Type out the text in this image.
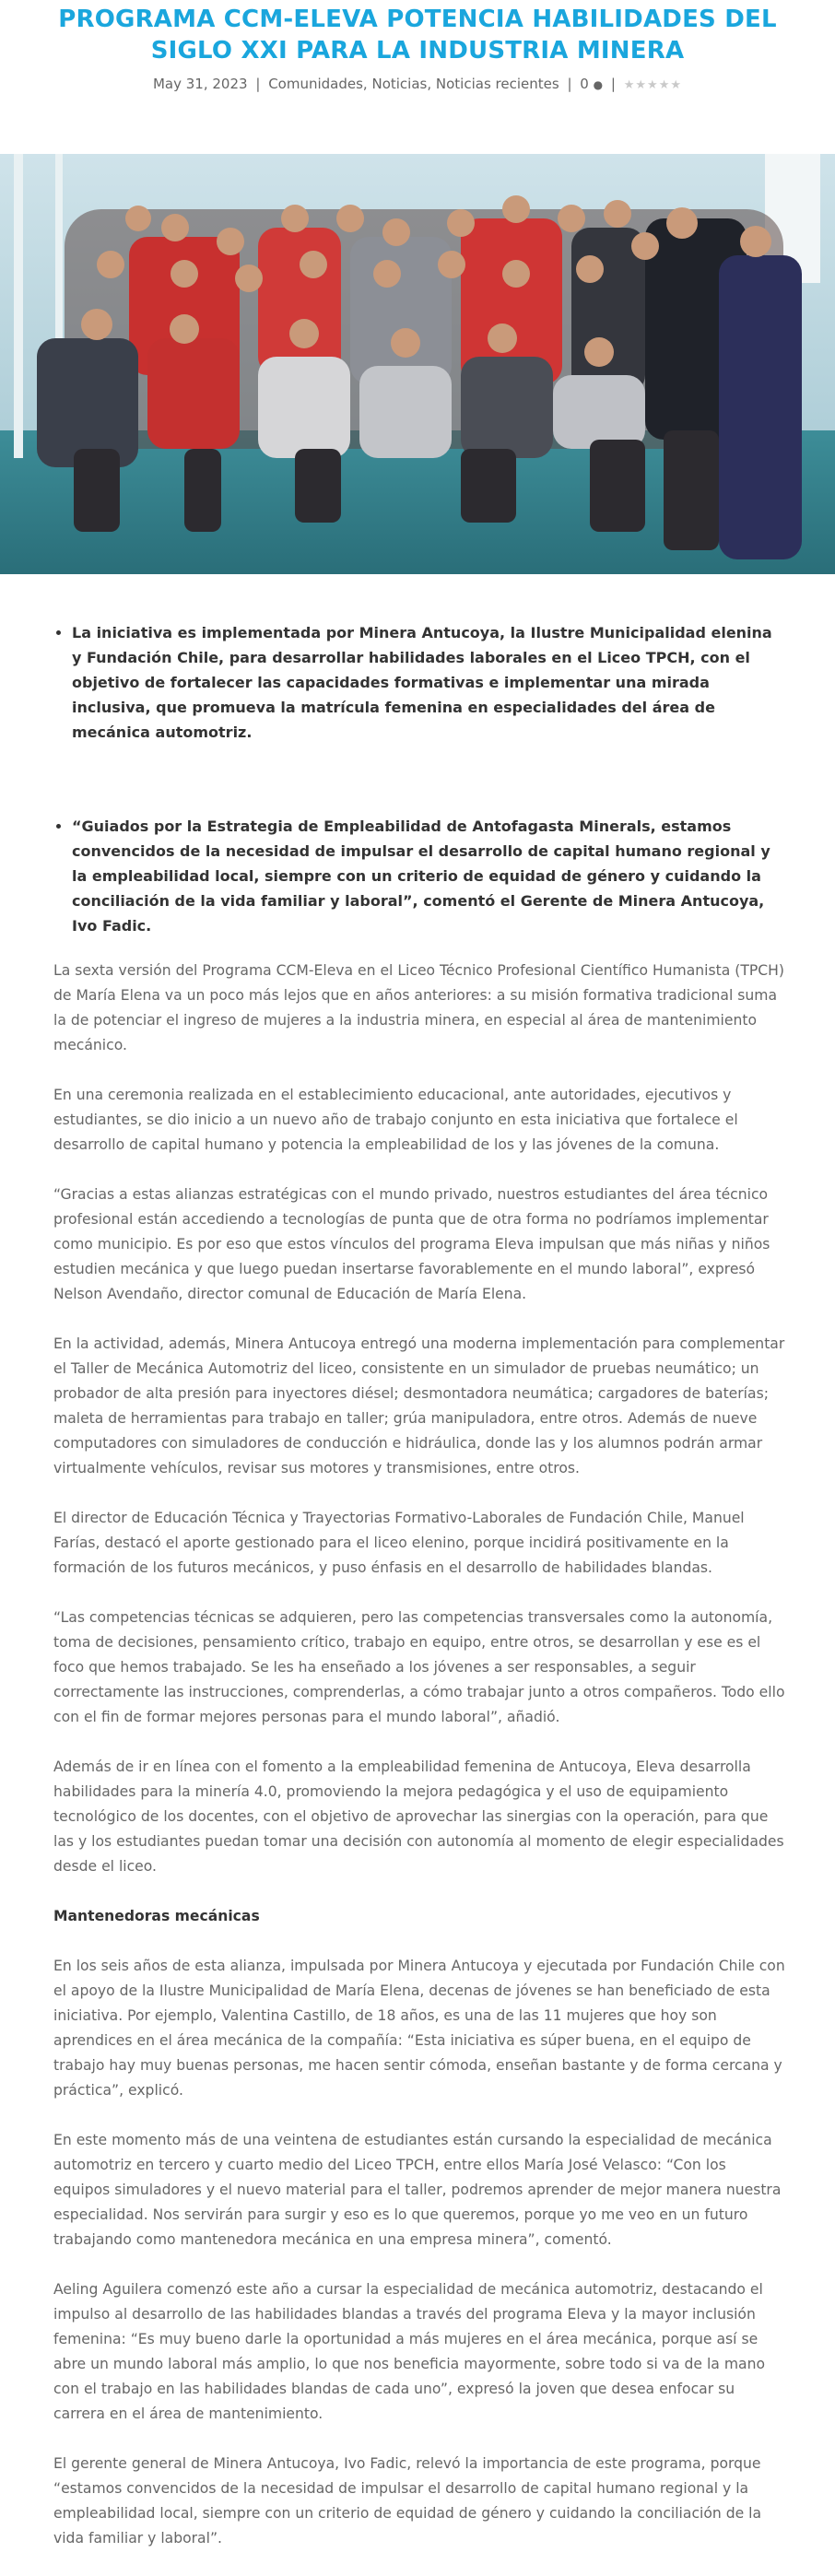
PROGRAMA CCM-ELEVA POTENCIA HABILIDADES DEL SIGLO XXI PARA LA INDUSTRIA MINERA
May 31, 2023 | Comunidades, Noticias, Noticias recientes | 0 ● | ★★★★★
• La iniciativa es implementada por Minera Antucoya, la Ilustre Municipalidad elenina y Fundación Chile, para desarrollar habilidades laborales en el Liceo TPCH, con el objetivo de fortalecer las capacidades formativas e implementar una mirada inclusiva, que promueva la matrícula femenina en especialidades del área de mecánica automotriz.
• “Guiados por la Estrategia de Empleabilidad de Antofagasta Minerals, estamos convencidos de la necesidad de impulsar el desarrollo de capital humano regional y la empleabilidad local, siempre con un criterio de equidad de género y cuidando la conciliación de la vida familiar y laboral”, comentó el Gerente de Minera Antucoya, Ivo Fadic.

La sexta versión del Programa CCM-Eleva en el Liceo Técnico Profesional Científico Humanista (TPCH) de María Elena va un poco más lejos que en años anteriores: a su misión formativa tradicional suma la de potenciar el ingreso de mujeres a la industria minera, en especial al área de mantenimiento mecánico.

En una ceremonia realizada en el establecimiento educacional, ante autoridades, ejecutivos y estudiantes, se dio inicio a un nuevo año de trabajo conjunto en esta iniciativa que fortalece el desarrollo de capital humano y potencia la empleabilidad de los y las jóvenes de la comuna.

“Gracias a estas alianzas estratégicas con el mundo privado, nuestros estudiantes del área técnico profesional están accediendo a tecnologías de punta que de otra forma no podríamos implementar como municipio. Es por eso que estos vínculos del programa Eleva impulsan que más niñas y niños estudien mecánica y que luego puedan insertarse favorablemente en el mundo laboral”, expresó Nelson Avendaño, director comunal de Educación de María Elena.

En la actividad, además, Minera Antucoya entregó una moderna implementación para complementar el Taller de Mecánica Automotriz del liceo, consistente en un simulador de pruebas neumático; un probador de alta presión para inyectores diésel; desmontadora neumática; cargadores de baterías; maleta de herramientas para trabajo en taller; grúa manipuladora, entre otros. Además de nueve computadores con simuladores de conducción e hidráulica, donde las y los alumnos podrán armar virtualmente vehículos, revisar sus motores y transmisiones, entre otros.

El director de Educación Técnica y Trayectorias Formativo-Laborales de Fundación Chile, Manuel Farías, destacó el aporte gestionado para el liceo elenino, porque incidirá positivamente en la formación de los futuros mecánicos, y puso énfasis en el desarrollo de habilidades blandas.

“Las competencias técnicas se adquieren, pero las competencias transversales como la autonomía, toma de decisiones, pensamiento crítico, trabajo en equipo, entre otros, se desarrollan y ese es el foco que hemos trabajado. Se les ha enseñado a los jóvenes a ser responsables, a seguir correctamente las instrucciones, comprenderlas, a cómo trabajar junto a otros compañeros. Todo ello con el fin de formar mejores personas para el mundo laboral”, añadió.

Además de ir en línea con el fomento a la empleabilidad femenina de Antucoya, Eleva desarrolla habilidades para la minería 4.0, promoviendo la mejora pedagógica y el uso de equipamiento tecnológico de los docentes, con el objetivo de aprovechar las sinergias con la operación, para que las y los estudiantes puedan tomar una decisión con autonomía al momento de elegir especialidades desde el liceo.

Mantenedoras mecánicas

En los seis años de esta alianza, impulsada por Minera Antucoya y ejecutada por Fundación Chile con el apoyo de la Ilustre Municipalidad de María Elena, decenas de jóvenes se han beneficiado de esta iniciativa. Por ejemplo, Valentina Castillo, de 18 años, es una de las 11 mujeres que hoy son aprendices en el área mecánica de la compañía: “Esta iniciativa es súper buena, en el equipo de trabajo hay muy buenas personas, me hacen sentir cómoda, enseñan bastante y de forma cercana y práctica”, explicó.

En este momento más de una veintena de estudiantes están cursando la especialidad de mecánica automotriz en tercero y cuarto medio del Liceo TPCH, entre ellos María José Velasco: “Con los equipos simuladores y el nuevo material para el taller, podremos aprender de mejor manera nuestra especialidad. Nos servirán para surgir y eso es lo que queremos, porque yo me veo en un futuro trabajando como mantenedora mecánica en una empresa minera”, comentó.

Aeling Aguilera comenzó este año a cursar la especialidad de mecánica automotriz, destacando el impulso al desarrollo de las habilidades blandas a través del programa Eleva y la mayor inclusión femenina: “Es muy bueno darle la oportunidad a más mujeres en el área mecánica, porque así se abre un mundo laboral más amplio, lo que nos beneficia mayormente, sobre todo si va de la mano con el trabajo en las habilidades blandas de cada uno”, expresó la joven que desea enfocar su carrera en el área de mantenimiento.

El gerente general de Minera Antucoya, Ivo Fadic, relevó la importancia de este programa, porque “estamos convencidos de la necesidad de impulsar el desarrollo de capital humano regional y la empleabilidad local, siempre con un criterio de equidad de género y cuidando la conciliación de la vida familiar y laboral”.
